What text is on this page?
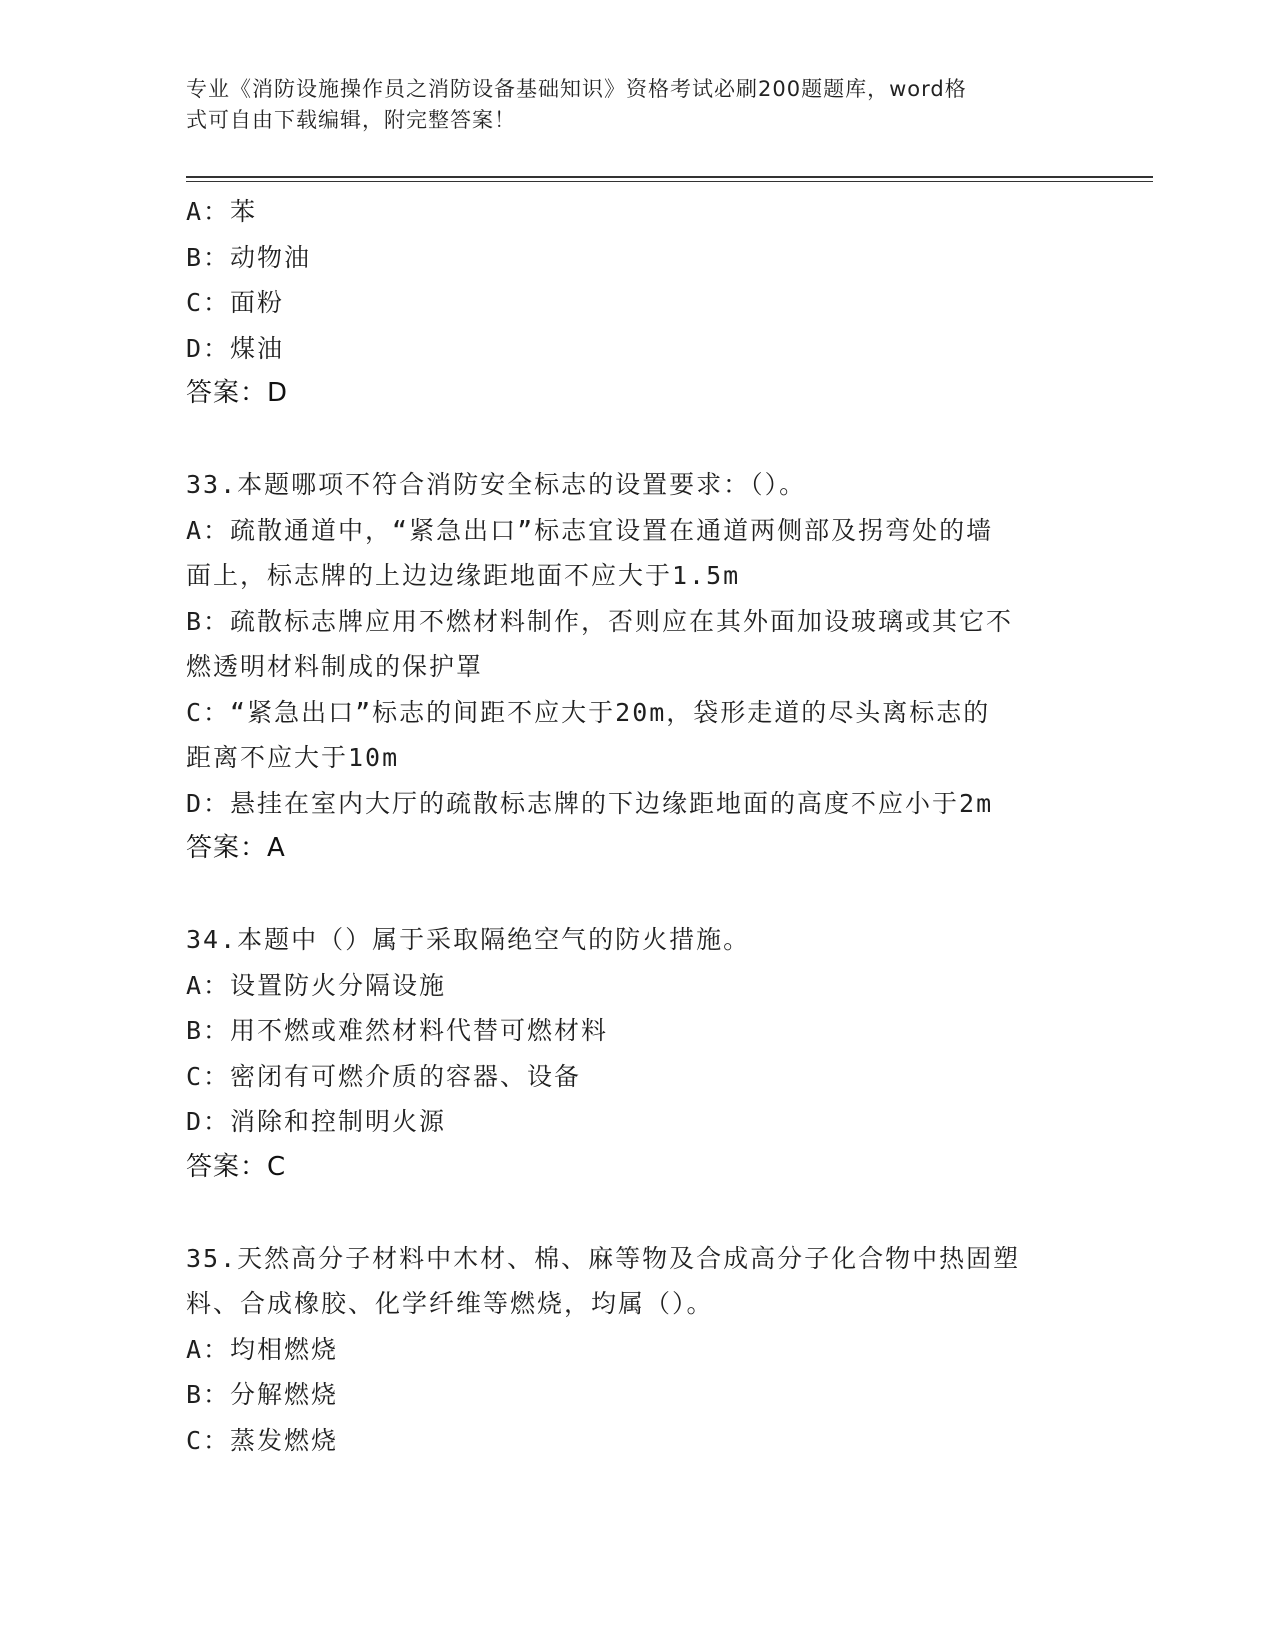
专业《消防设施操作员之消防设备基础知识》资格考试必刷200题题库，word格
式可自由下载编辑，附完整答案！
A：苯
B：动物油
C：面粉
D：煤油
答案：D
33.本题哪项不符合消防安全标志的设置要求：（）。
A：疏散通道中，“紧急出口”标志宜设置在通道两侧部及拐弯处的墙
面上，标志牌的上边边缘距地面不应大于1.5m
B：疏散标志牌应用不燃材料制作，否则应在其外面加设玻璃或其它不
燃透明材料制成的保护罩
C：“紧急出口”标志的间距不应大于20m，袋形走道的尽头离标志的
距离不应大于10m
D：悬挂在室内大厅的疏散标志牌的下边缘距地面的高度不应小于2m
答案：A
34.本题中（）属于采取隔绝空气的防火措施。
A：设置防火分隔设施
B：用不燃或难然材料代替可燃材料
C：密闭有可燃介质的容器、设备
D：消除和控制明火源
答案：C
35.天然高分子材料中木材、棉、麻等物及合成高分子化合物中热固塑
料、合成橡胶、化学纤维等燃烧，均属（）。
A：均相燃烧
B：分解燃烧
C：蒸发燃烧
